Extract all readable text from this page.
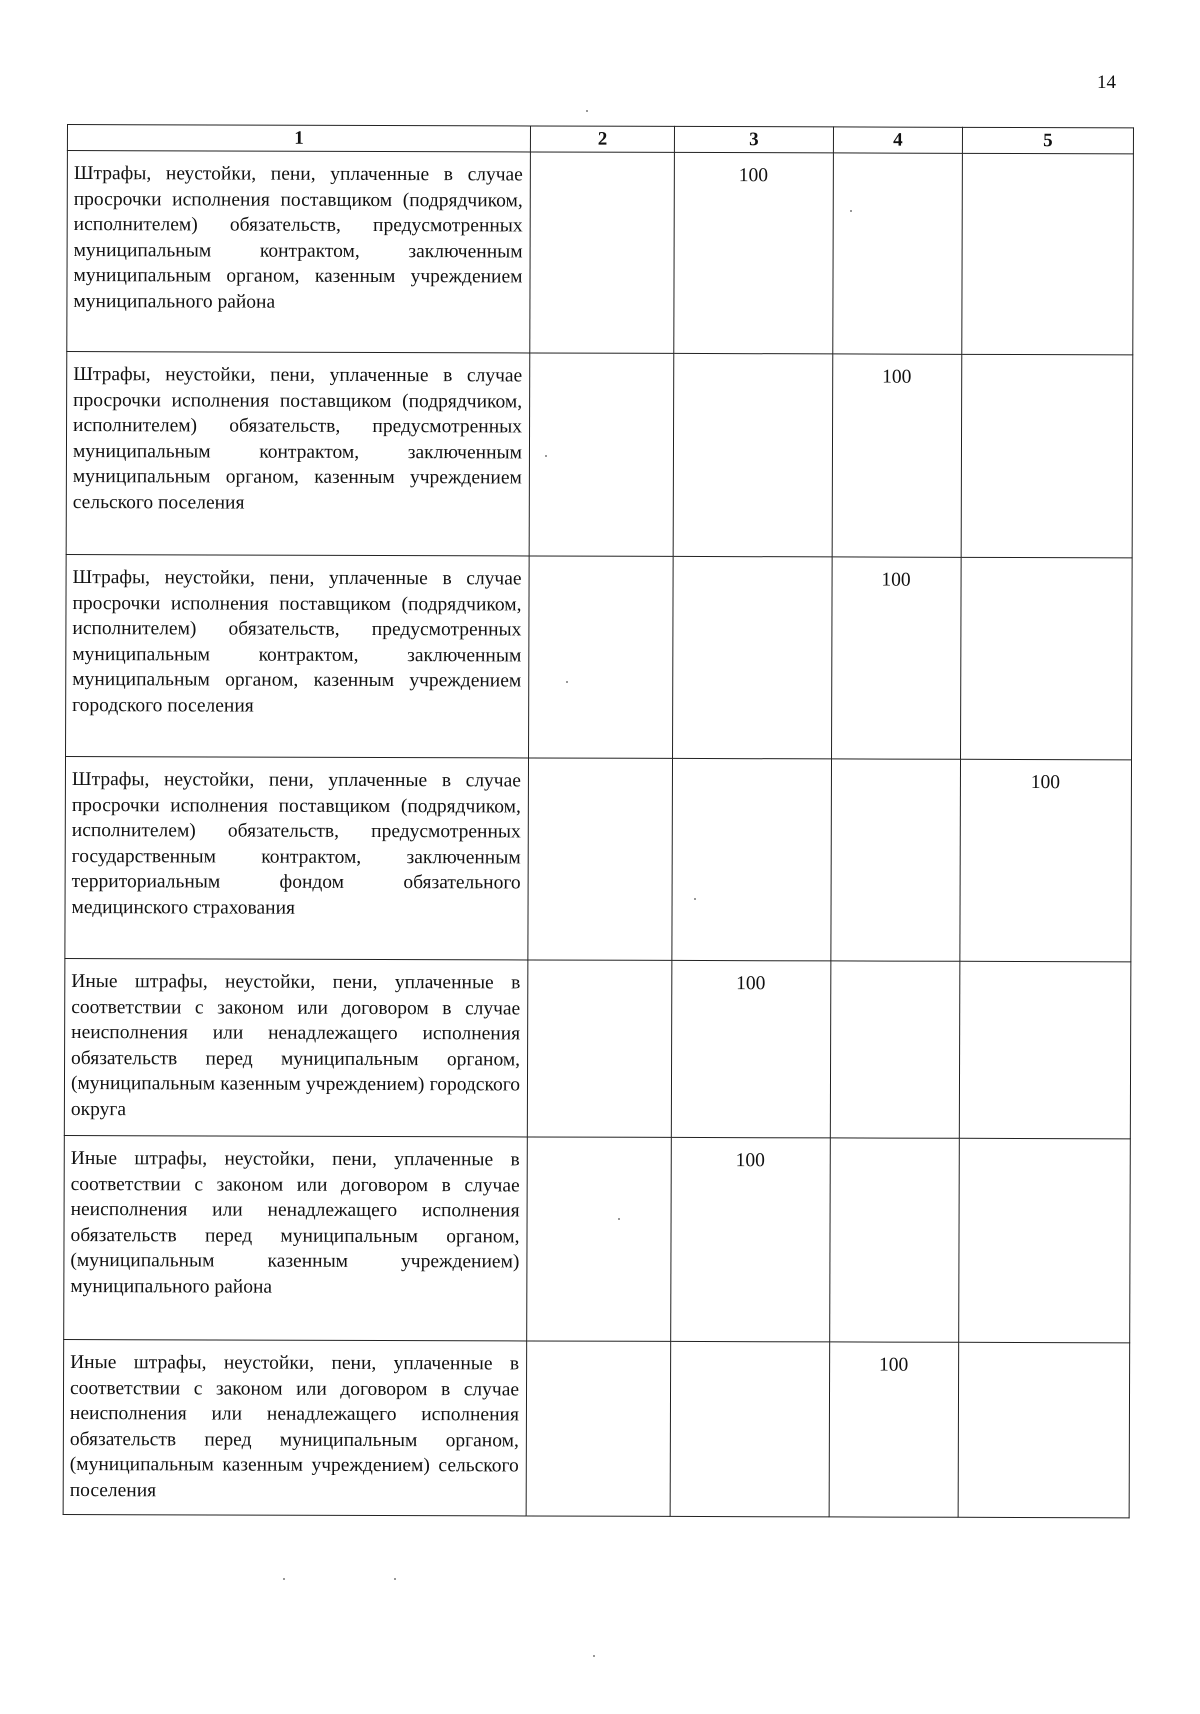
14
1	2	3	4	5
Штрафы, неустойки, пени, уплаченные в случае просрочки исполнения поставщиком (подрядчиком, исполнителем) обязательств, предусмотренных муниципальным контрактом, заключенным муниципальным органом, казенным учреждением муниципального района		100		
Штрафы, неустойки, пени, уплаченные в случае просрочки исполнения поставщиком (подрядчиком, исполнителем) обязательств, предусмотренных муниципальным контрактом, заключенным муниципальным органом, казенным учреждением сельского поселения			100	
Штрафы, неустойки, пени, уплаченные в случае просрочки исполнения поставщиком (подрядчиком, исполнителем) обязательств, предусмотренных муниципальным контрактом, заключенным муниципальным органом, казенным учреждением городского поселения			100	
Штрафы, неустойки, пени, уплаченные в случае просрочки исполнения поставщиком (подрядчиком, исполнителем) обязательств, предусмотренных государственным контрактом, заключенным территориальным фондом обязательного медицинского страхования				100
Иные штрафы, неустойки, пени, уплаченные в соответствии с законом или договором в случае неисполнения или ненадлежащего исполнения обязательств перед муниципальным органом, (муниципальным казенным учреждением) городского округа		100		
Иные штрафы, неустойки, пени, уплаченные в соответствии с законом или договором в случае неисполнения или ненадлежащего исполнения обязательств перед муниципальным органом, (муниципальным казенным учреждением) муниципального района		100		
Иные штрафы, неустойки, пени, уплаченные в соответствии с законом или договором в случае неисполнения или ненадлежащего исполнения обязательств перед муниципальным органом, (муниципальным казенным учреждением) сельского поселения			100	
